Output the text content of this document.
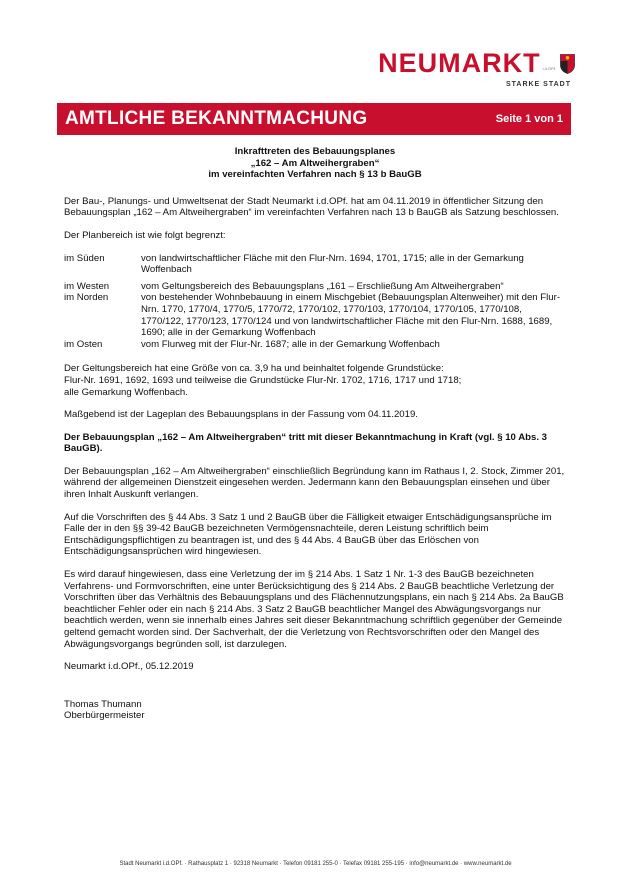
NEUMARKT i.d.OPf.
STARKE STADT
AMTLICHE BEKANNTMACHUNG	Seite 1 von 1
Inkrafttreten des Bebauungsplanes
„162 – Am Altweihergraben“
im vereinfachten Verfahren nach § 13 b BauGB

Der Bau-, Planungs- und Umweltsenat der Stadt Neumarkt i.d.OPf. hat am 04.11.2019 in öffentlicher Sitzung den Bebauungsplan „162 – Am Altweihergraben“ im vereinfachten Verfahren nach 13 b BauGB als Satzung beschlossen.

Der Planbereich ist wie folgt begrenzt:

im Süden	von landwirtschaftlicher Fläche mit den Flur-Nrn. 1694, 1701, 1715; alle in der Gemarkung Woffenbach
im Westen	vom Geltungsbereich des Bebauungsplans „161 – Erschließung Am Altweihergraben“
im Norden	von bestehender Wohnbebauung in einem Mischgebiet (Bebauungsplan Altenweiher) mit den Flur-Nrn. 1770, 1770/4, 1770/5, 1770/72, 1770/102, 1770/103, 1770/104, 1770/105, 1770/108, 1770/122, 1770/123, 1770/124 und von landwirtschaftlicher Fläche mit den Flur-Nrn. 1688, 1689, 1690; alle in der Gemarkung Woffenbach
im Osten	vom Flurweg mit der Flur-Nr. 1687; alle in der Gemarkung Woffenbach

Der Geltungsbereich hat eine Größe von ca. 3,9 ha und beinhaltet folgende Grundstücke:
Flur-Nr. 1691, 1692, 1693 und teilweise die Grundstücke Flur-Nr. 1702, 1716, 1717 und 1718;
alle Gemarkung Woffenbach.

Maßgebend ist der Lageplan des Bebauungsplans in der Fassung vom 04.11.2019.

Der Bebauungsplan „162 – Am Altweihergraben“ tritt mit dieser Bekanntmachung in Kraft (vgl. § 10 Abs. 3 BauGB).

Der Bebauungsplan „162 – Am Altweihergraben“ einschließlich Begründung kann im Rathaus I, 2. Stock, Zimmer 201, während der allgemeinen Dienstzeit eingesehen werden. Jedermann kann den Bebauungsplan einsehen und über ihren Inhalt Auskunft verlangen.

Auf die Vorschriften des § 44 Abs. 3 Satz 1 und 2 BauGB über die Fälligkeit etwaiger Entschädigungsansprüche im Falle der in den §§ 39-42 BauGB bezeichneten Vermögensnachteile, deren Leistung schriftlich beim Entschädigungspflichtigen zu beantragen ist, und des § 44 Abs. 4 BauGB über das Erlöschen von Entschädigungsansprüchen wird hingewiesen.

Es wird darauf hingewiesen, dass eine Verletzung der im § 214 Abs. 1 Satz 1 Nr. 1-3 des BauGB bezeichneten Verfahrens- und Formvorschriften, eine unter Berücksichtigung des § 214 Abs. 2 BauGB beachtliche Verletzung der Vorschriften über das Verhältnis des Bebauungsplans und des Flächennutzungsplans, ein nach § 214 Abs. 2a BauGB beachtlicher Fehler oder ein nach § 214 Abs. 3 Satz 2 BauGB beachtlicher Mangel des Abwägungsvorgangs nur beachtlich werden, wenn sie innerhalb eines Jahres seit dieser Bekanntmachung schriftlich gegenüber der Gemeinde geltend gemacht worden sind. Der Sachverhalt, der die Verletzung von Rechtsvorschriften oder den Mangel des Abwägungsvorgangs begründen soll, ist darzulegen.

Neumarkt i.d.OPf., 05.12.2019

Thomas Thumann
Oberbürgermeister
Stadt Neumarkt i.d.OPf. · Rathausplatz 1 · 92318 Neumarkt · Telefon 09181 255-0 · Telefax 09181 255-195 · info@neumarkt.de · www.neumarkt.de
